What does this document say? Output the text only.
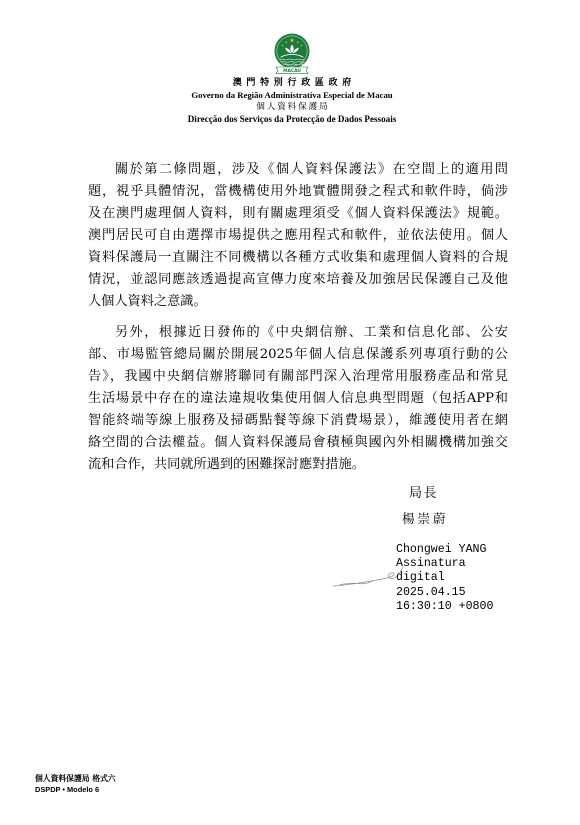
MACAU
澳門特別行政區政府
Governo da Região Administrativa Especial de Macau
個人資料保護局
Direcção dos Serviços da Protecção de Dados Pessoais
關於第二條問題，涉及《個人資料保護法》在空間上的適用問
題，視乎具體情況，當機構使用外地實體開發之程式和軟件時，倘涉
及在澳門處理個人資料，則有關處理須受《個人資料保護法》規範。
澳門居民可自由選擇市場提供之應用程式和軟件，並依法使用。個人
資料保護局一直關注不同機構以各種方式收集和處理個人資料的合規
情況，並認同應該透過提高宣傳力度來培養及加強居民保護自己及他
人個人資料之意識。
另外，根據近日發佈的《中央網信辦、工業和信息化部、公安
部、市場監管總局關於開展2025年個人信息保護系列專項行動的公
告》，我國中央網信辦將聯同有關部門深入治理常用服務產品和常見
生活場景中存在的違法違規收集使用個人信息典型問題（包括APP和
智能終端等線上服務及掃碼點餐等線下消費場景），維護使用者在網
絡空間的合法權益。個人資料保護局會積極與國內外相關機構加強交
流和合作，共同就所遇到的困難探討應對措施。
局長
楊崇蔚
Chongwei YANG
Assinatura
digital
2025.04.15
16:30:10 +0800
個人資料保護局 格式六
DSPDP • Modelo 6
